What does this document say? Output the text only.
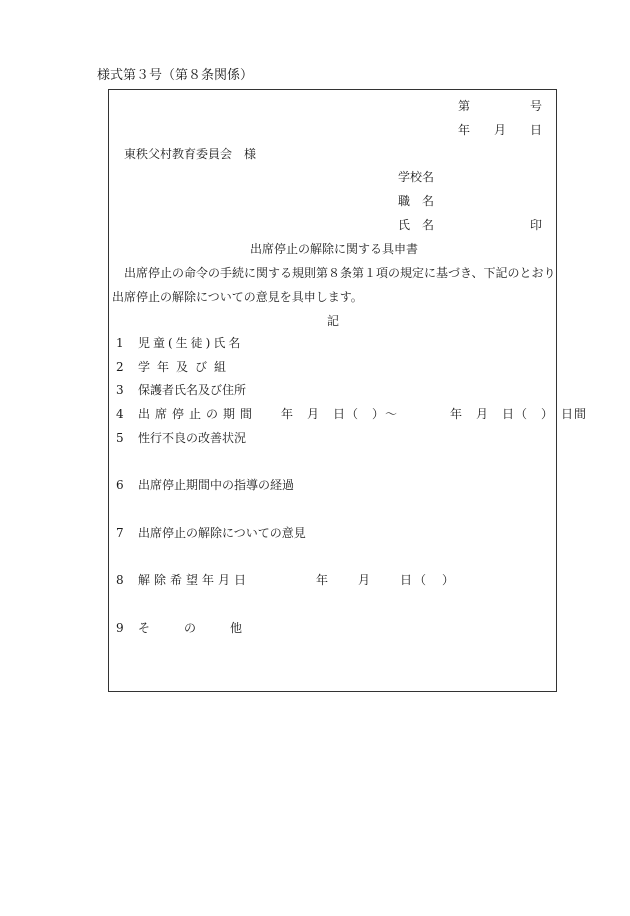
様式第３号（第８条関係）
第	号
年 月 日
東秩父村教育委員会　様
学校名
職 名
氏 名	印
出席停止の解除に関する具申書
出席停止の命令の手続に関する規則第８条第１項の規定に基づき、下記のとおり
出席停止の解除についての意見を具申します。
記
1 児童(生徒)氏名
2 学年及び組
3 保護者氏名及び住所
4 出席停止の期間 年　月　日（　）～　　　　年　月　日（　）　日間
5 性行不良の改善状況
6 出席停止期間中の指導の経過
7 出席停止の解除についての意見
8 解除希望年月日	年　　月　　日（　）
9 その他
